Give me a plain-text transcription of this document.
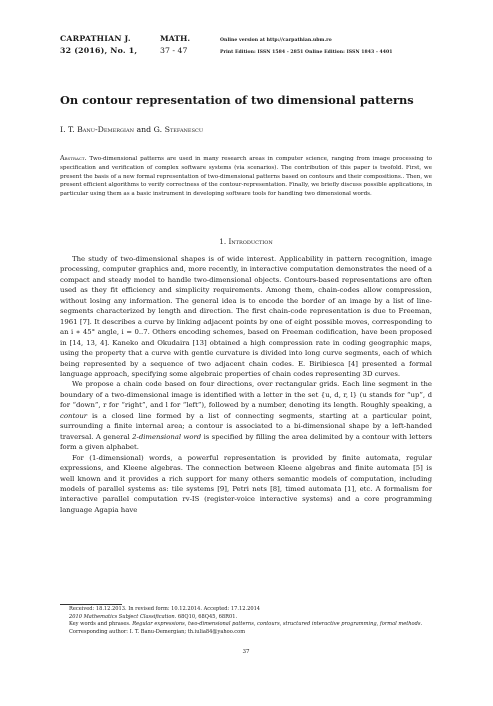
CARPATHIAN J.	MATH.	Online version at http://carpathian.ubm.ro
32 (2016), No. 1,	37 - 47	Print Edition: ISSN 1584 - 2851 Online Edition: ISSN 1843 - 4401
On contour representation of two dimensional patterns
I. T. Banu-Demergian and G. Stefanescu
Abstract. Two-dimensional patterns are used in many research areas in computer science, ranging from image processing to specification and verification of complex software systems (via scenarios). The contribution of this paper is twofold. First, we present the basis of a new formal representation of two-dimensional patterns based on contours and their compositions.. Then, we present efficient algorithms to verify correctness of the contour-representation. Finally, we briefly discuss possible applications, in particular using them as a basic instrument in developing software tools for handling two dimensional words.
1. Introduction

The study of two-dimensional shapes is of wide interest. Applicability in pattern recognition, image processing, computer graphics and, more recently, in interactive computation demonstrates the need of a compact and steady model to handle two-dimensional objects. Contours-based representations are often used as they fit efficiency and simplicity requirements. Among them, chain-codes allow compression, without losing any information. The general idea is to encode the border of an image by a list of line-segments characterized by length and direction. The first chain-code representation is due to Freeman, 1961 [7]. It describes a curve by linking adjacent points by one of eight possible moves, corresponding to an i ∗ 45° angle, i = 0..7. Others encoding schemes, based on Freeman codification, have been proposed in [14, 13, 4]. Kaneko and Okudaira [13] obtained a high compression rate in coding geographic maps, using the property that a curve with gentle curvature is divided into long curve segments, each of which being represented by a sequence of two adjacent chain codes. E. Biribiesca [4] presented a formal language approach, specifying some algebraic properties of chain codes representing 3D curves.

We propose a chain code based on four directions, over rectangular grids. Each line segment in the boundary of a two-dimensional image is identified with a letter in the set {u, d, r, l} (u stands for “up”, d for “down”, r for “right”, and l for “left”), followed by a number, denoting its length. Roughly speaking, a contour is a closed line formed by a list of connecting segments, starting at a particular point, surrounding a finite internal area; a contour is associated to a bi-dimensional shape by a left-handed traversal. A general 2-dimensional word is specified by filling the area delimited by a contour with letters form a given alphabet.

For (1-dimensional) words, a powerful representation is provided by finite automata, regular expressions, and Kleene algebras. The connection between Kleene algebras and finite automata [5] is well known and it provides a rich support for many others semantic models of computation, including models of parallel systems as: tile systems [9], Petri nets [8], timed automata [1], etc. A formalism for interactive parallel computation rv-IS (register-voice interactive systems) and a core programming language Agapia have

Received: 18.12.2013. In revised form: 10.12.2014. Accepted: 17.12.2014
2010 Mathematics Subject Classification. 68Q10, 68Q45, 68R01.
Key words and phrases. Regular expressions, two-dimensional patterns, contours, structured interactive programming, formal methods.
Corresponding author: I. T. Banu-Demergian; th.iulia84@yahoo.com
37
